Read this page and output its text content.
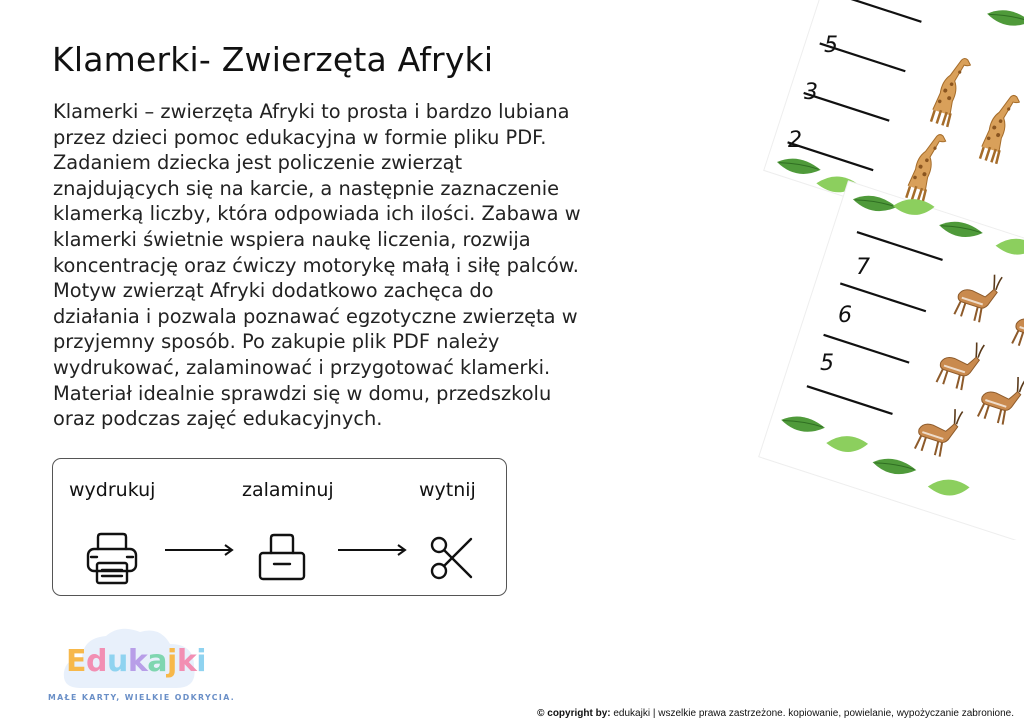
Klamerki- Zwierzęta Afryki

Klamerki – zwierzęta Afryki to prosta i bardzo lubiana
przez dzieci pomoc edukacyjna w formie pliku PDF.
Zadaniem dziecka jest policzenie zwierząt
znajdujących się na karcie, a następnie zaznaczenie
klamerką liczby, która odpowiada ich ilości. Zabawa w
klamerki świetnie wspiera naukę liczenia, rozwija
koncentrację oraz ćwiczy motorykę małą i siłę palców.
Motyw zwierząt Afryki dodatkowo zachęca do
działania i pozwala poznawać egzotyczne zwierzęta w
przyjemny sposób. Po zakupie plik PDF należy
wydrukować, zalaminować i przygotować klamerki.
Materiał idealnie sprawdzi się w domu, przedszkolu
oraz podczas zajęć edukacyjnych.

wydrukuj	zalaminuj	wytnij
Edukajki
MAŁE KARTY, WIELKIE ODKRYCIA.
© copyright by: edukajki | wszelkie prawa zastrzeżone. kopiowanie, powielanie, wypożyczanie zabronione.
5
3
2
7
6
5
